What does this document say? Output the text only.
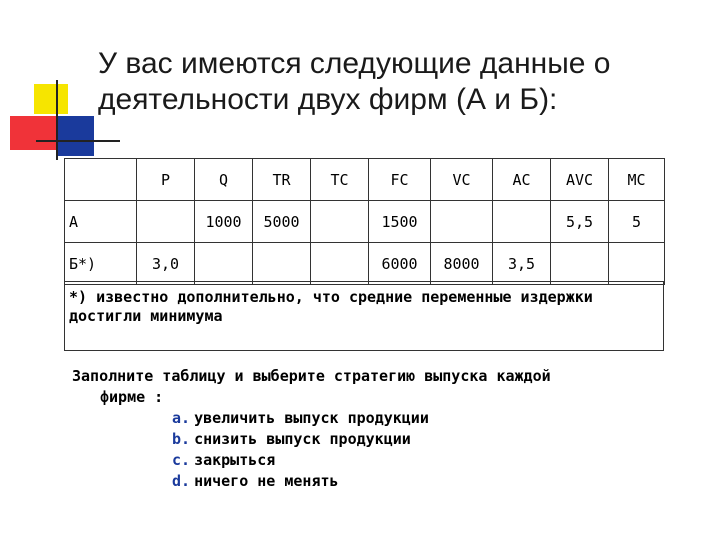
У вас имеются следующие данные о деятельности двух фирм (А и Б):
	P	Q	TR	TC	FC	VC	AC	AVC	MC
А		1000	5000		1500			5,5	5
Б*)	3,0				6000	8000	3,5		
*) известно дополнительно, что средние переменные издержки достигли минимума
Заполните таблицу и выберите стратегию выпуска каждой
фирме :
a. увеличить выпуск продукции
b. снизить выпуск продукции
c. закрыться
d. ничего не менять
